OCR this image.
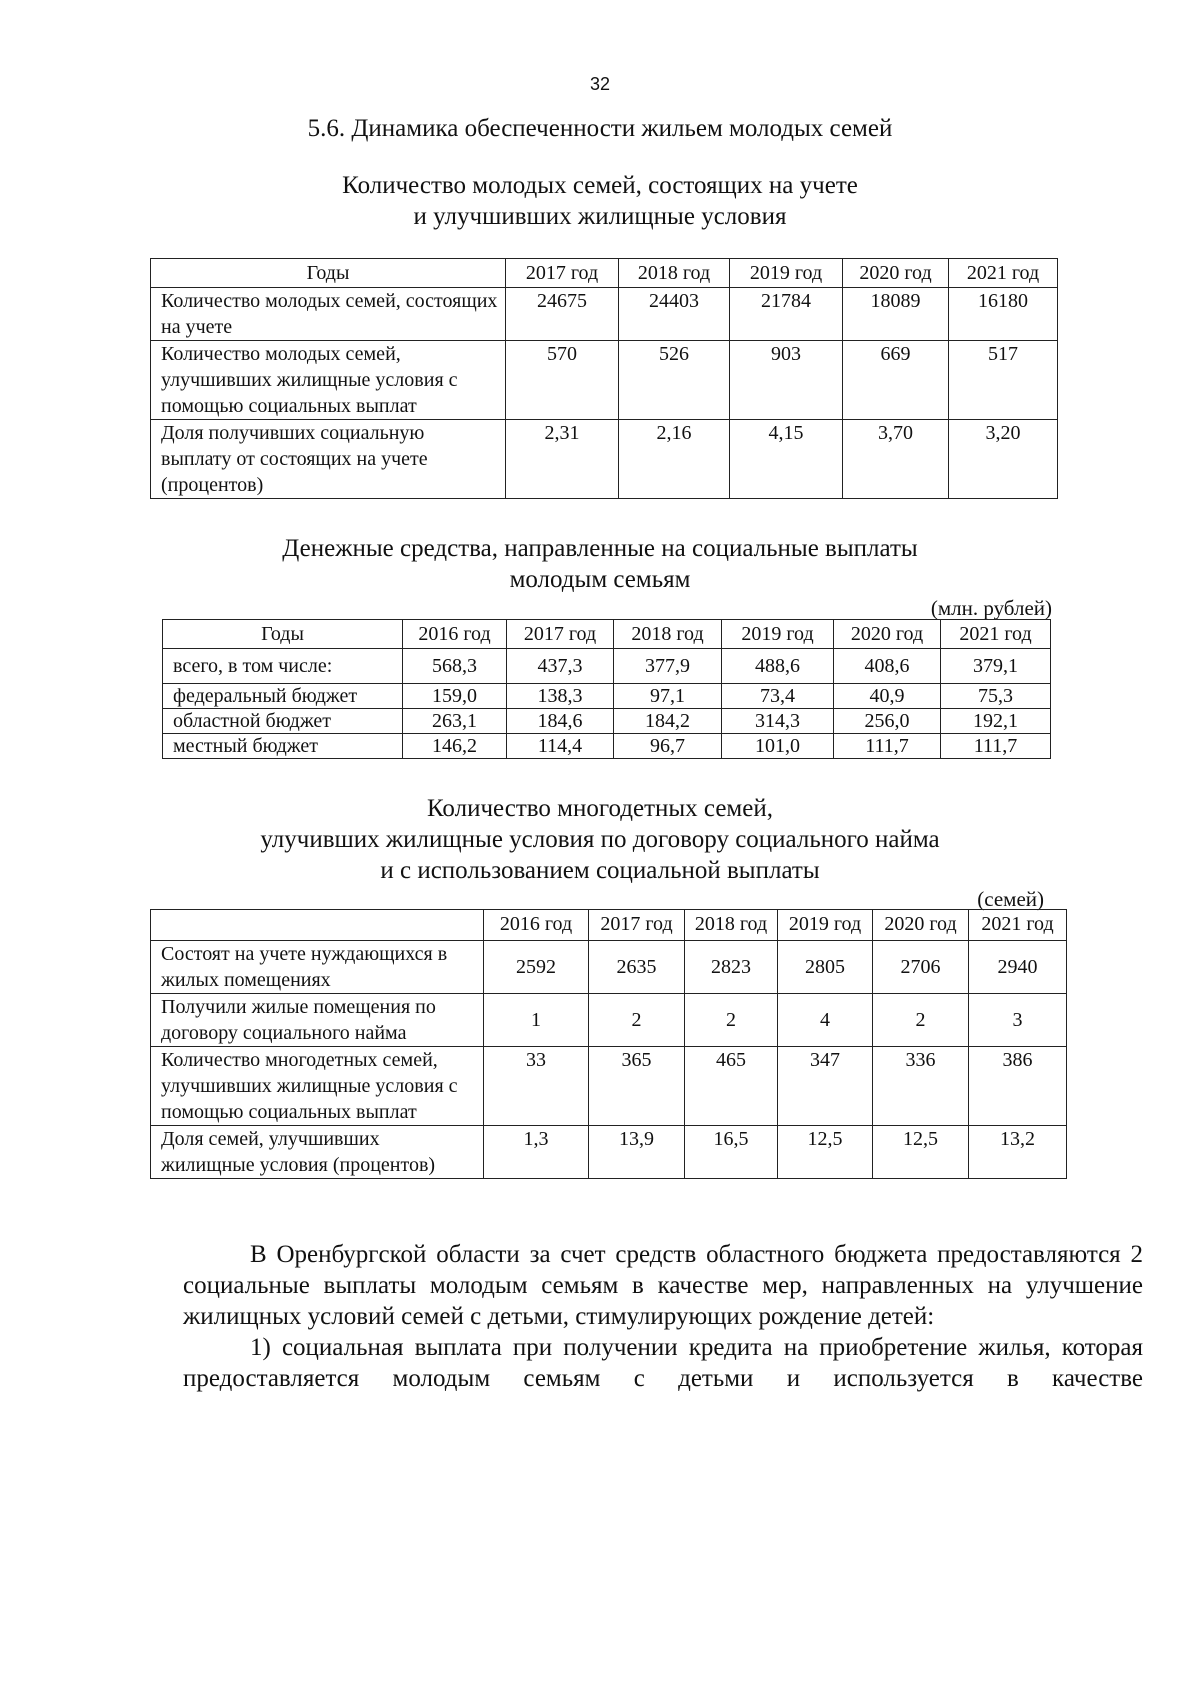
32
5.6. Динамика обеспеченности жильем молодых семей
Количество молодых семей, состоящих на учете
и улучшивших жилищные условия
Годы	2017 год	2018 год	2019 год	2020 год	2021 год
Количество молодых семей, состоящих на учете	24675	24403	21784	18089	16180
Количество молодых семей, улучшивших жилищные условия с помощью социальных выплат	570	526	903	669	517
Доля получивших социальную выплату от состоящих на учете (процентов)	2,31	2,16	4,15	3,70	3,20
Денежные средства, направленные на социальные выплаты
молодым семьям
(млн. рублей)
Годы	2016 год	2017 год	2018 год	2019 год	2020 год	2021 год
всего, в том числе:	568,3	437,3	377,9	488,6	408,6	379,1
федеральный бюджет	159,0	138,3	97,1	73,4	40,9	75,3
областной бюджет	263,1	184,6	184,2	314,3	256,0	192,1
местный бюджет	146,2	114,4	96,7	101,0	111,7	111,7
Количество многодетных семей,
улучивших жилищные условия по договору социального найма
и с использованием социальной выплаты
(семей)
	2016 год	2017 год	2018 год	2019 год	2020 год	2021 год
Состоят на учете нуждающихся в жилых помещениях	2592	2635	2823	2805	2706	2940
Получили жилые помещения по договору социального найма	1	2	2	4	2	3
Количество многодетных семей, улучшивших жилищные условия с помощью социальных выплат	33	365	465	347	336	386
Доля семей, улучшивших жилищные условия (процентов)	1,3	13,9	16,5	12,5	12,5	13,2

В Оренбургской области за счет средств областного бюджета предоставляются 2 социальные выплаты молодым семьям в качестве мер, направленных на улучшение жилищных условий семей с детьми, стимулирующих рождение детей:

1) социальная выплата при получении кредита на приобретение жилья, которая предоставляется молодым семьям с детьми и используется в качестве
